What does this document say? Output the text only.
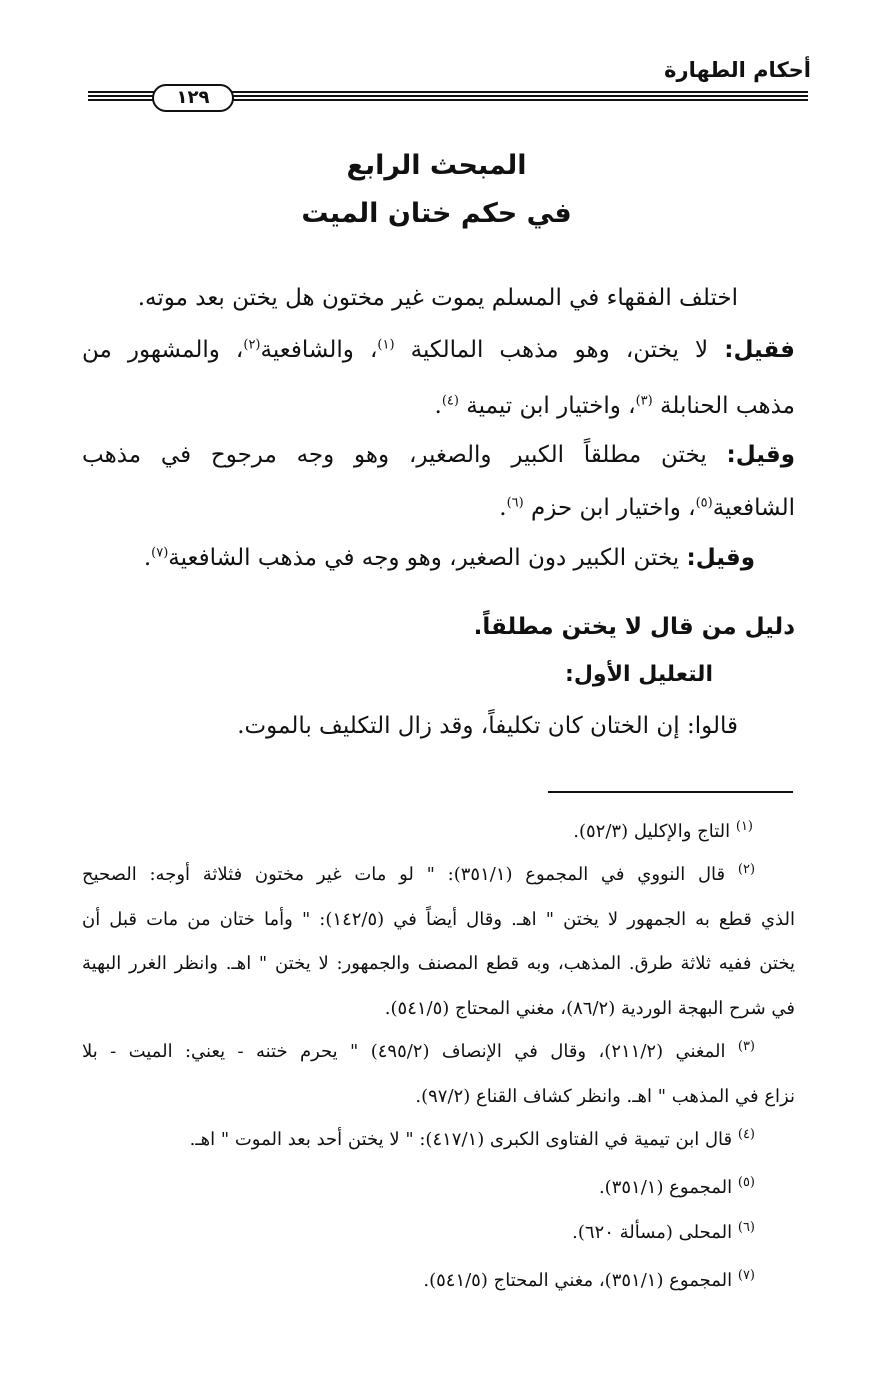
أحكام الطهارة
١٢٩
المبحث الرابع
في حكم ختان الميت
اختلف الفقهاء في المسلم يموت غير مختون هل يختن بعد موته.
فقيل: لا يختن، وهو مذهب المالكية $^{(١)}$، والشافعية$^{(٢)}$، والمشهور من
مذهب الحنابلة $^{(٣)}$، واختيار ابن تيمية $^{(٤)}$.
وقيل: يختن مطلقاً الكبير والصغير، وهو وجه مرجوح في مذهب
الشافعية$^{(٥)}$، واختيار ابن حزم $^{(٦)}$.
وقيل: يختن الكبير دون الصغير، وهو وجه في مذهب الشافعية$^{(٧)}$.
دليل من قال لا يختن مطلقاً.
التعليل الأول:
قالوا: إن الختان كان تكليفاً، وقد زال التكليف بالموت.
$^{(١)}$ التاج والإكليل (٥٢/٣).
$^{(٢)}$ قال النووي في المجموع (٣٥١/١): " لو مات غير مختون فثلاثة أوجه: الصحيح
الذي قطع به الجمهور لا يختن " اهـ. وقال أيضاً في (١٤٢/٥): " وأما ختان من مات قبل أن
يختن ففيه ثلاثة طرق. المذهب، وبه قطع المصنف والجمهور: لا يختن " اهـ. وانظر الغرر البهية
في شرح البهجة الوردية (٨٦/٢)، مغني المحتاج (٥٤١/٥).
$^{(٣)}$ المغني (٢١١/٢)، وقال في الإنصاف (٤٩٥/٢) " يحرم ختنه - يعني: الميت - بلا
نزاع في المذهب " اهـ. وانظر كشاف القناع (٩٧/٢).
$^{(٤)}$ قال ابن تيمية في الفتاوى الكبرى (٤١٧/١): " لا يختن أحد بعد الموت " اهـ.
$^{(٥)}$ المجموع (٣٥١/١).
$^{(٦)}$ المحلى (مسألة ٦٢٠).
$^{(٧)}$ المجموع (٣٥١/١)، مغني المحتاج (٥٤١/٥).
